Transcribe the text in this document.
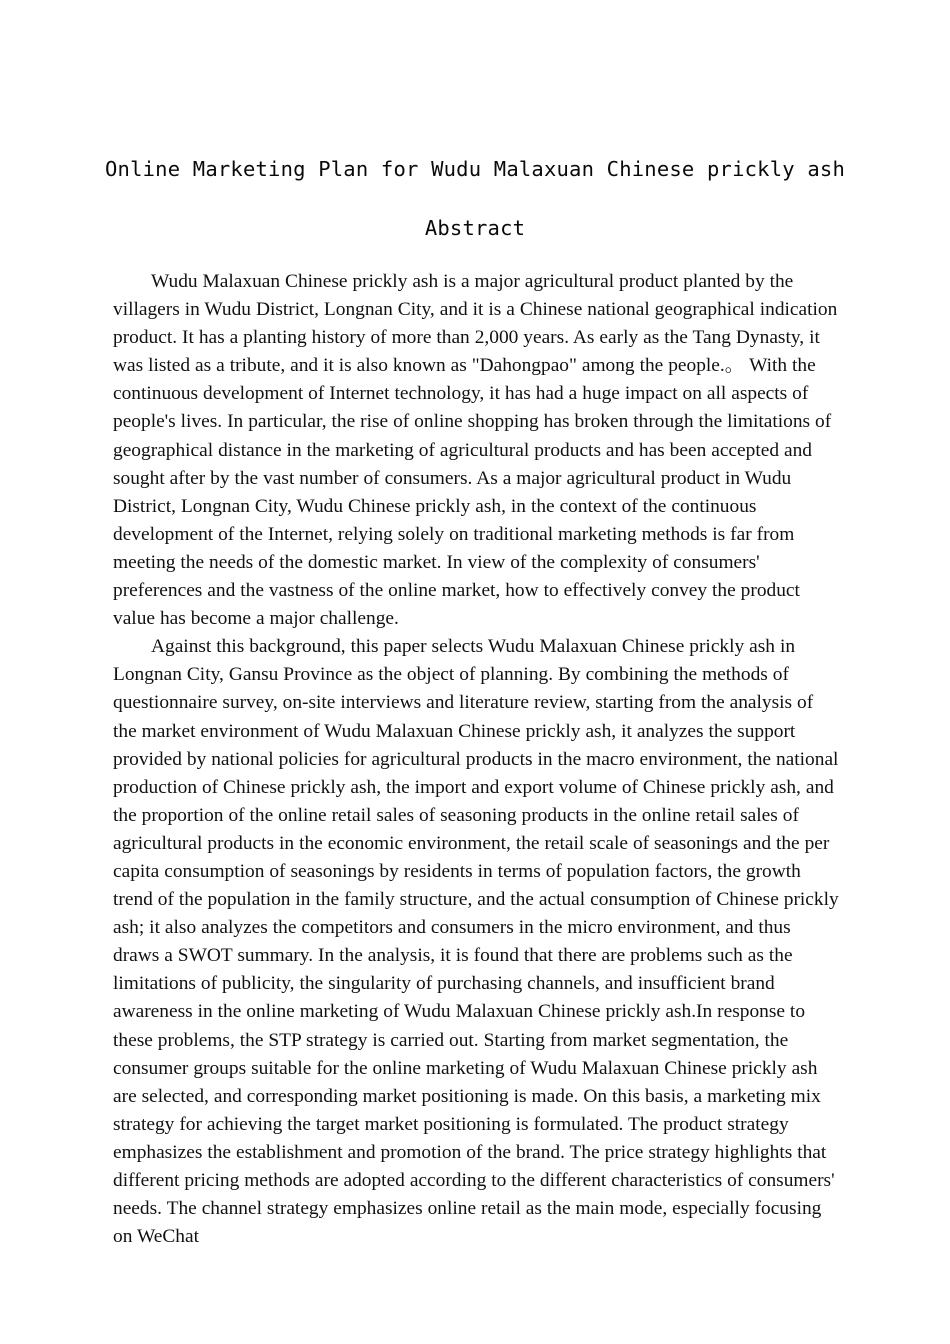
Online Marketing Plan for Wudu Malaxuan Chinese prickly ash
Abstract

Wudu Malaxuan Chinese prickly ash is a major agricultural product planted by the villagers in Wudu District, Longnan City, and it is a Chinese national geographical indication product. It has a planting history of more than 2,000 years. As early as the Tang Dynasty, it was listed as a tribute, and it is also known as "Dahongpao" among the people.。 With the continuous development of Internet technology, it has had a huge impact on all aspects of people's lives. In particular, the rise of online shopping has broken through the limitations of geographical distance in the marketing of agricultural products and has been accepted and sought after by the vast number of consumers. As a major agricultural product in Wudu District, Longnan City, Wudu Chinese prickly ash, in the context of the continuous development of the Internet, relying solely on traditional marketing methods is far from meeting the needs of the domestic market. In view of the complexity of consumers' preferences and the vastness of the online market, how to effectively convey the product value has become a major challenge.

Against this background, this paper selects Wudu Malaxuan Chinese prickly ash in Longnan City, Gansu Province as the object of planning. By combining the methods of questionnaire survey, on-site interviews and literature review, starting from the analysis of the market environment of Wudu Malaxuan Chinese prickly ash, it analyzes the support provided by national policies for agricultural products in the macro environment, the national production of Chinese prickly ash, the import and export volume of Chinese prickly ash, and the proportion of the online retail sales of seasoning products in the online retail sales of agricultural products in the economic environment, the retail scale of seasonings and the per capita consumption of seasonings by residents in terms of population factors, the growth trend of the population in the family structure, and the actual consumption of Chinese prickly ash; it also analyzes the competitors and consumers in the micro environment, and thus draws a SWOT summary. In the analysis, it is found that there are problems such as the limitations of publicity, the singularity of purchasing channels, and insufficient brand awareness in the online marketing of Wudu Malaxuan Chinese prickly ash.In response to these problems, the STP strategy is carried out. Starting from market segmentation, the consumer groups suitable for the online marketing of Wudu Malaxuan Chinese prickly ash are selected, and corresponding market positioning is made. On this basis, a marketing mix strategy for achieving the target market positioning is formulated. The product strategy emphasizes the establishment and promotion of the brand. The price strategy highlights that different pricing methods are adopted according to the different characteristics of consumers' needs. The channel strategy emphasizes online retail as the main mode, especially focusing on WeChat
